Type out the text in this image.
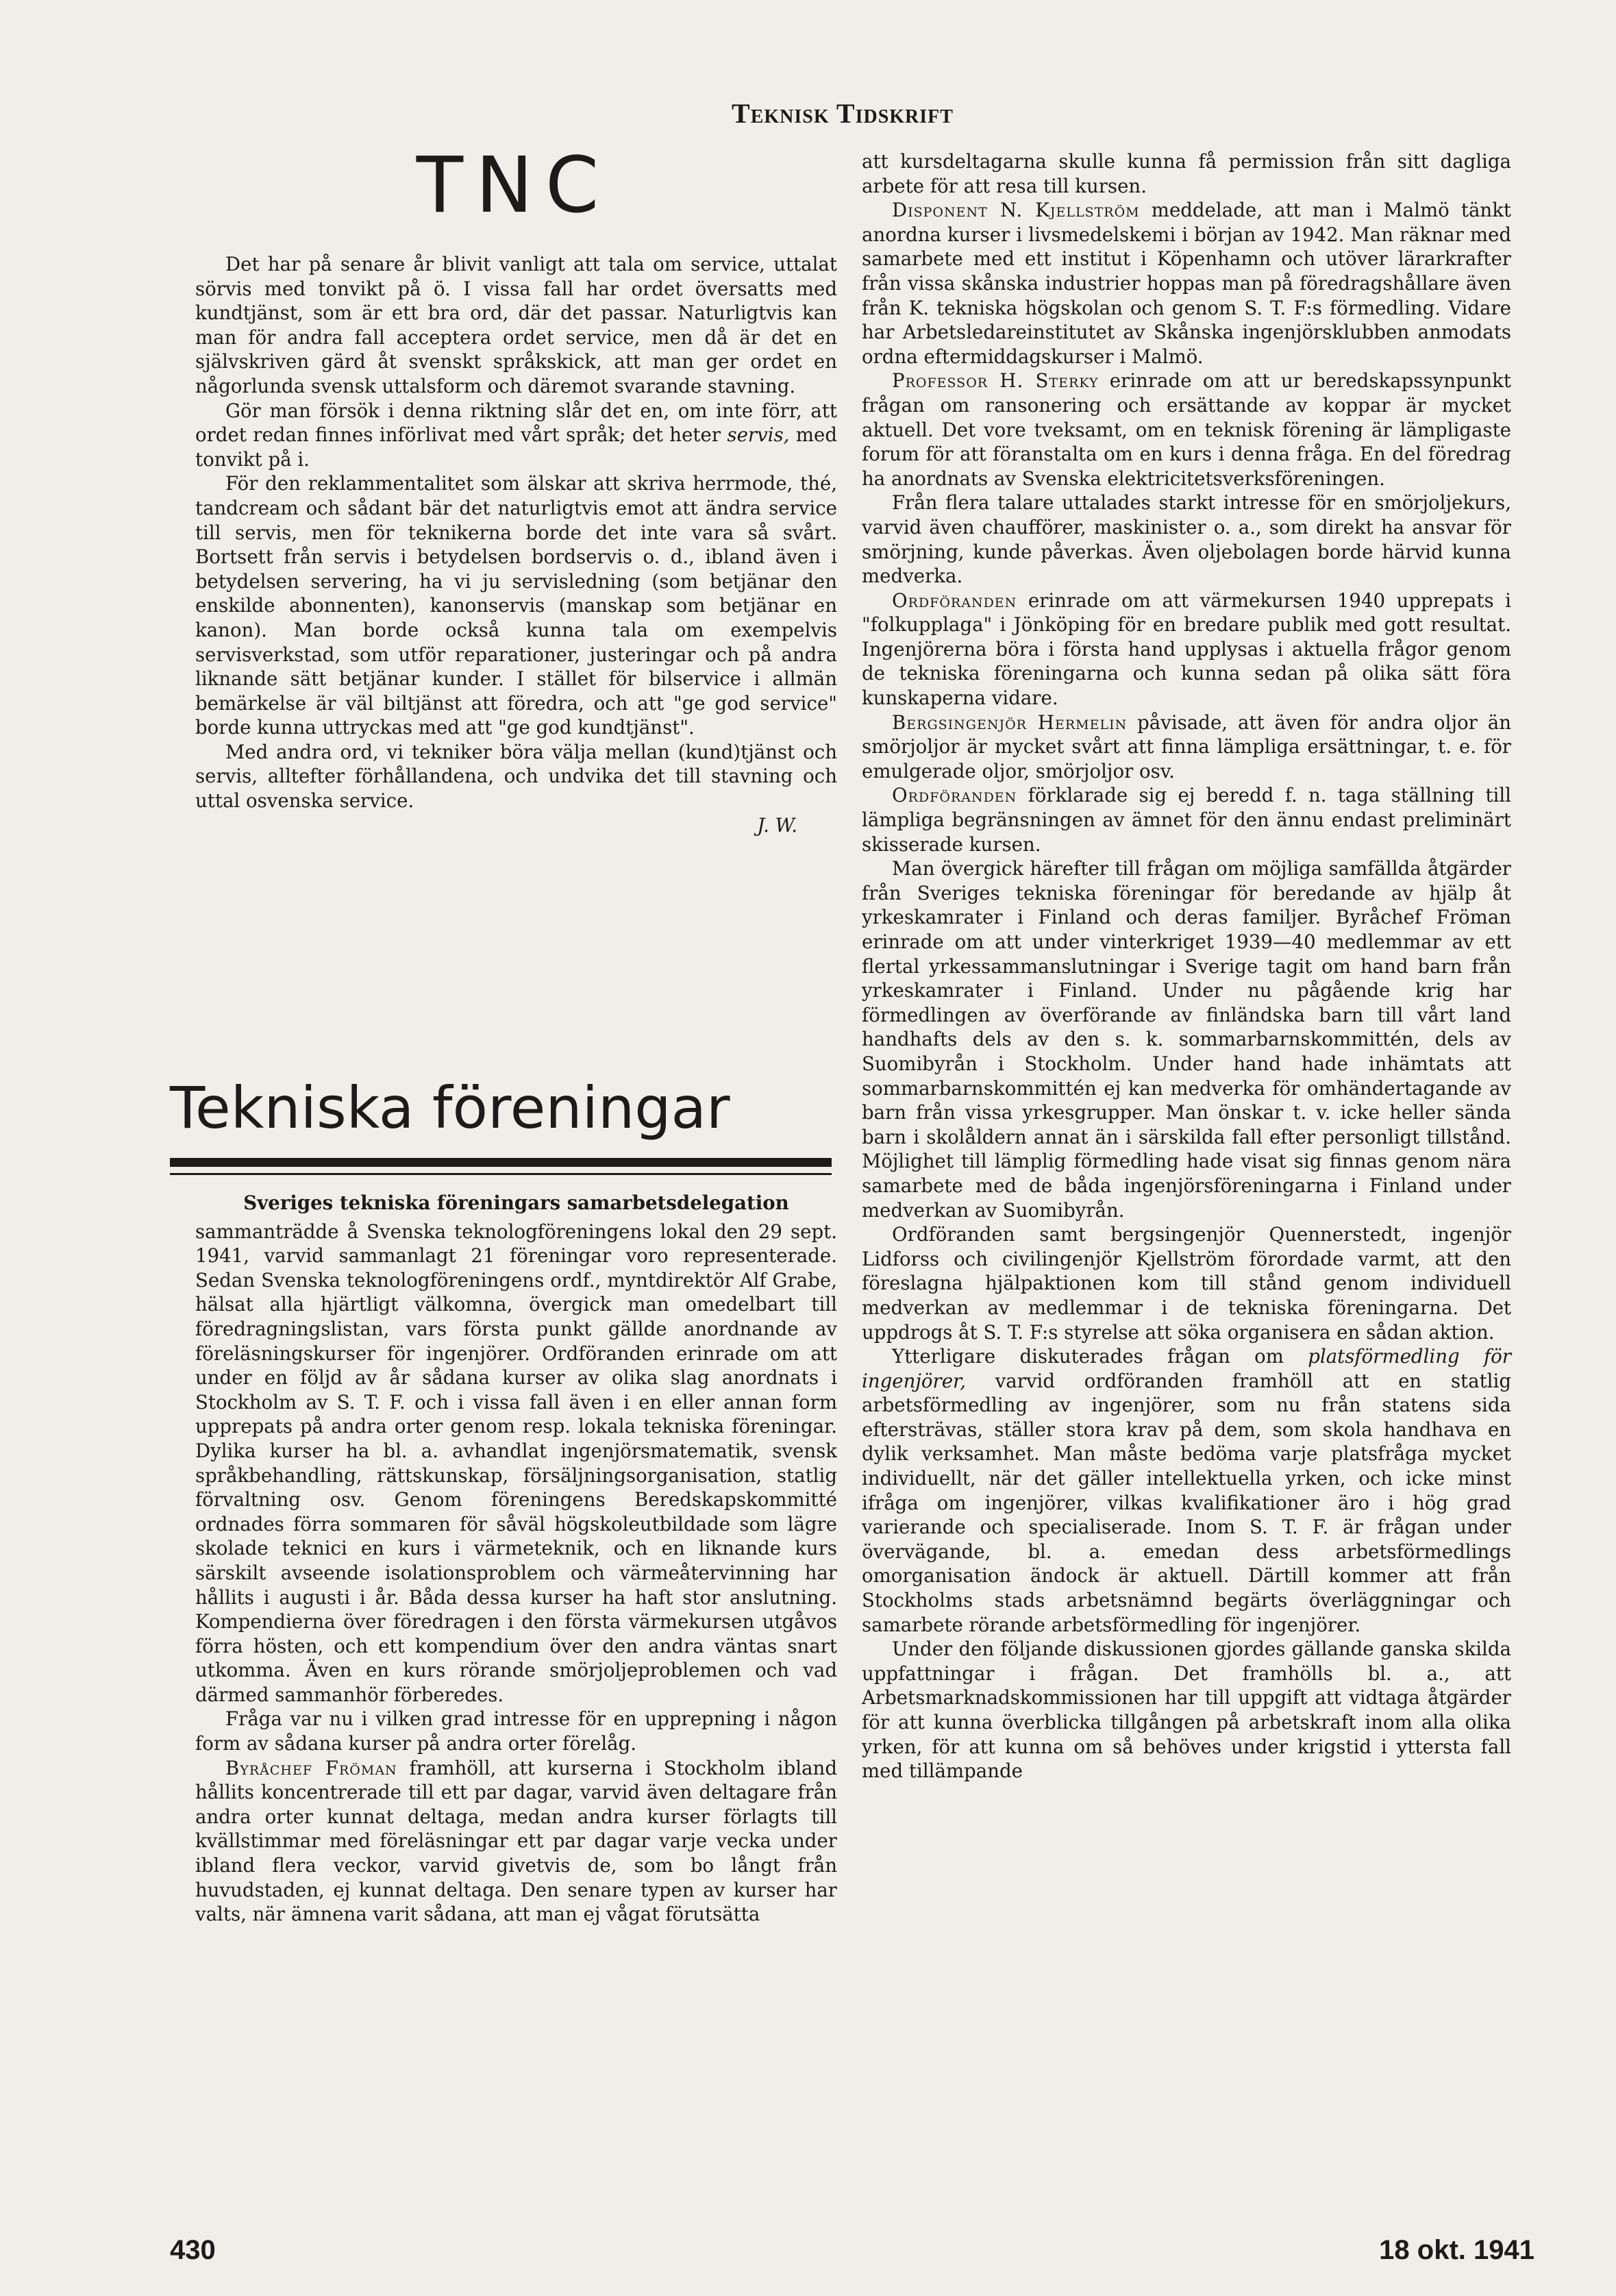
Teknisk Tidskrift
TNC

Det har på senare år blivit vanligt att tala om service, uttalat sörvis med tonvikt på ö. I vissa fall har ordet översatts med kundtjänst, som är ett bra ord, där det passar. Naturligtvis kan man för andra fall acceptera ordet service, men då är det en självskriven gärd åt svenskt språkskick, att man ger ordet en någorlunda svensk uttalsform och däremot svarande stavning.

Gör man försök i denna riktning slår det en, om inte förr, att ordet redan finnes införlivat med vårt språk; det heter servis, med tonvikt på i.

För den reklammentalitet som älskar att skriva herrmode, thé, tandcream och sådant bär det naturligtvis emot att ändra service till servis, men för teknikerna borde det inte vara så svårt. Bortsett från servis i betydelsen bordservis o. d., ibland även i betydelsen servering, ha vi ju servisledning (som betjänar den enskilde abonnenten), kanonservis (manskap som betjänar en kanon). Man borde också kunna tala om exempelvis servisverkstad, som utför reparationer, justeringar och på andra liknande sätt betjänar kunder. I stället för bilservice i allmän bemärkelse är väl biltjänst att föredra, och att "ge god service" borde kunna uttryckas med att "ge god kundtjänst".

Med andra ord, vi tekniker böra välja mellan (kund)tjänst och servis, alltefter förhållandena, och undvika det till stavning och uttal osvenska service.

J. W.

Tekniska föreningar

Sveriges tekniska föreningars samarbetsdelegation

sammanträdde å Svenska teknologföreningens lokal den 29 sept. 1941, varvid sammanlagt 21 föreningar voro representerade. Sedan Svenska teknologföreningens ordf., myntdirektör Alf Grabe, hälsat alla hjärtligt välkomna, övergick man omedelbart till föredragningslistan, vars första punkt gällde anordnande av föreläsningskurser för ingenjörer. Ordföranden erinrade om att under en följd av år sådana kurser av olika slag anordnats i Stockholm av S. T. F. och i vissa fall även i en eller annan form upprepats på andra orter genom resp. lokala tekniska föreningar. Dylika kurser ha bl. a. avhandlat ingenjörsmatematik, svensk språkbehandling, rättskunskap, försäljningsorganisation, statlig förvaltning osv. Genom föreningens Beredskapskommitté ordnades förra sommaren för såväl högskoleutbildade som lägre skolade teknici en kurs i värmeteknik, och en liknande kurs särskilt avseende isolationsproblem och värmeåtervinning har hållits i augusti i år. Båda dessa kurser ha haft stor anslutning. Kompendierna över föredragen i den första värmekursen utgåvos förra hösten, och ett kompendium över den andra väntas snart utkomma. Även en kurs rörande smörjoljeproblemen och vad därmed sammanhör förberedes.

Fråga var nu i vilken grad intresse för en upprepning i någon form av sådana kurser på andra orter förelåg.

Byråchef Fröman framhöll, att kurserna i Stockholm ibland hållits koncentrerade till ett par dagar, varvid även deltagare från andra orter kunnat deltaga, medan andra kurser förlagts till kvällstimmar med föreläsningar ett par dagar varje vecka under ibland flera veckor, varvid givetvis de, som bo långt från huvudstaden, ej kunnat deltaga. Den senare typen av kurser har valts, när ämnena varit sådana, att man ej vågat förutsätta

att kursdeltagarna skulle kunna få permission från sitt dagliga arbete för att resa till kursen.

Disponent N. Kjellström meddelade, att man i Malmö tänkt anordna kurser i livsmedelskemi i början av 1942. Man räknar med samarbete med ett institut i Köpenhamn och utöver lärarkrafter från vissa skånska industrier hoppas man på föredragshållare även från K. tekniska högskolan och genom S. T. F:s förmedling. Vidare har Arbetsledareinstitutet av Skånska ingenjörsklubben anmodats ordna eftermiddagskurser i Malmö.

Professor H. Sterky erinrade om att ur beredskapssynpunkt frågan om ransonering och ersättande av koppar är mycket aktuell. Det vore tveksamt, om en teknisk förening är lämpligaste forum för att föranstalta om en kurs i denna fråga. En del föredrag ha anordnats av Svenska elektricitetsverksföreningen.

Från flera talare uttalades starkt intresse för en smörjoljekurs, varvid även chaufförer, maskinister o. a., som direkt ha ansvar för smörjning, kunde påverkas. Även oljebolagen borde härvid kunna medverka.

Ordföranden erinrade om att värmekursen 1940 upprepats i "folkupplaga" i Jönköping för en bredare publik med gott resultat. Ingenjörerna böra i första hand upplysas i aktuella frågor genom de tekniska föreningarna och kunna sedan på olika sätt föra kunskaperna vidare.

Bergsingenjör Hermelin påvisade, att även för andra oljor än smörjoljor är mycket svårt att finna lämpliga ersättningar, t. e. för emulgerade oljor, smörjoljor osv.

Ordföranden förklarade sig ej beredd f. n. taga ställning till lämpliga begränsningen av ämnet för den ännu endast preliminärt skisserade kursen.

Man övergick härefter till frågan om möjliga samfällda åtgärder från Sveriges tekniska föreningar för beredande av hjälp åt yrkeskamrater i Finland och deras familjer. Byråchef Fröman erinrade om att under vinterkriget 1939—40 medlemmar av ett flertal yrkessammanslutningar i Sverige tagit om hand barn från yrkeskamrater i Finland. Under nu pågående krig har förmedlingen av överförande av finländska barn till vårt land handhafts dels av den s. k. sommarbarnskommittén, dels av Suomibyrån i Stockholm. Under hand hade inhämtats att sommarbarnskommittén ej kan medverka för omhändertagande av barn från vissa yrkesgrupper. Man önskar t. v. icke heller sända barn i skolåldern annat än i särskilda fall efter personligt tillstånd. Möjlighet till lämplig förmedling hade visat sig finnas genom nära samarbete med de båda ingenjörsföreningarna i Finland under medverkan av Suomibyrån.

Ordföranden samt bergsingenjör Quennerstedt, ingenjör Lidforss och civilingenjör Kjellström förordade varmt, att den föreslagna hjälpaktionen kom till stånd genom individuell medverkan av medlemmar i de tekniska föreningarna. Det uppdrogs åt S. T. F:s styrelse att söka organisera en sådan aktion.

Ytterligare diskuterades frågan om platsförmedling för ingenjörer, varvid ordföranden framhöll att en statlig arbetsförmedling av ingenjörer, som nu från statens sida eftersträvas, ställer stora krav på dem, som skola handhava en dylik verksamhet. Man måste bedöma varje platsfråga mycket individuellt, när det gäller intellektuella yrken, och icke minst ifråga om ingenjörer, vilkas kvalifikationer äro i hög grad varierande och specialiserade. Inom S. T. F. är frågan under övervägande, bl. a. emedan dess arbetsförmedlings omorganisation ändock är aktuell. Därtill kommer att från Stockholms stads arbetsnämnd begärts överläggningar och samarbete rörande arbetsförmedling för ingenjörer.

Under den följande diskussionen gjordes gällande ganska skilda uppfattningar i frågan. Det framhölls bl. a., att Arbetsmarknadskommissionen har till uppgift att vidtaga åtgärder för att kunna överblicka tillgången på arbetskraft inom alla olika yrken, för att kunna om så behöves under krigstid i yttersta fall med tillämpande

430	18 okt. 1941
